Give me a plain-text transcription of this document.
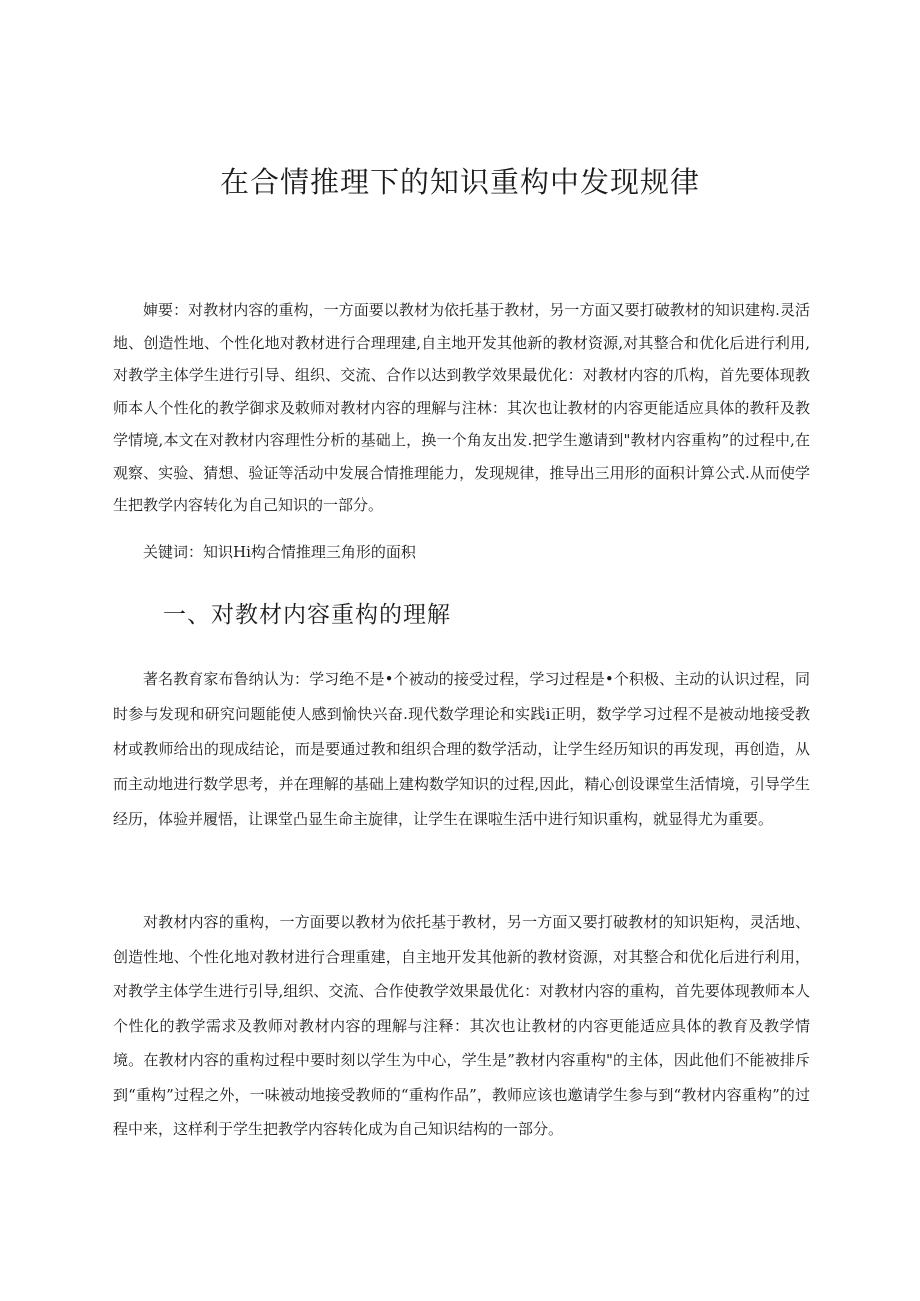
在合情推理下的知识重构中发现规律

婶要：对教材内容的重构，一方面要以教材为依托基于教材，另一方面又要打破教材的知识建构.灵活地、创造性地、个性化地对教材进行合理理建,自主地开发其他新的教材资源,对其整合和优化后进行利用,对教学主体学生进行引导、组织、交流、合作以达到教学效果最优化：对教材内容的爪构，首先要体现教师本人个性化的教学御求及敕师对教材内容的理解与注林：其次也让教材的内容更能适应具体的教秆及教学情境,本文在对教材内容理性分析的基础上，换一个角友出发.把学生邀请到"教材内容重构”的过程中,在观察、实验、猜想、验证等活动中发展合情推理能力，发现规律，推导出三用形的面积计算公式.从而使学生把教学内容转化为自己知识的一部分。

关键词：知识Hi构合情推理三角形的面积

一、对教材内容重构的理解

著名教育家布鲁纳认为：学习绝不是•个被动的接受过程，学习过程是•个积极、主动的认识过程，同时参与发现和研究问题能使人感到愉快兴奋.现代数学理论和实践i正明，数学学习过程不是被动地接受教材或教师给出的现成结论，而是要通过教和组织合理的数学活动，让学生经历知识的再发现，再创造，从而主动地进行数学思考，并在理解的基础上建构数学知识的过程,因此，精心创设课堂生活情境，引导学生经历，体验并履悟，让课堂凸显生命主旋律，让学生在课啦生活中进行知识重构，就显得尤为重要。

对教材内容的重构，一方面要以教材为依托基于教材，另一方面又要打破教材的知识矩构，灵活地、创造性地、个性化地对教材进行合理重建，自主地开发其他新的教材资源，对其整合和优化后进行利用，对教学主体学生进行引导,组织、交流、合作使教学效果最优化：对教材内容的重构，首先要体现教师本人个性化的教学需求及教师对教材内容的理解与注释：其次也让教材的内容更能适应具体的教育及教学情境。在教材内容的重构过程中要时刻以学生为中心，学生是”教材内容重构"的主体，因此他们不能被排斥到“重构”过程之外，一味被动地接受教师的“重构作品”，教师应该也邀请学生参与到“教材内容重构”的过程中来，这样利于学生把教学内容转化成为自己知识结构的一部分。
